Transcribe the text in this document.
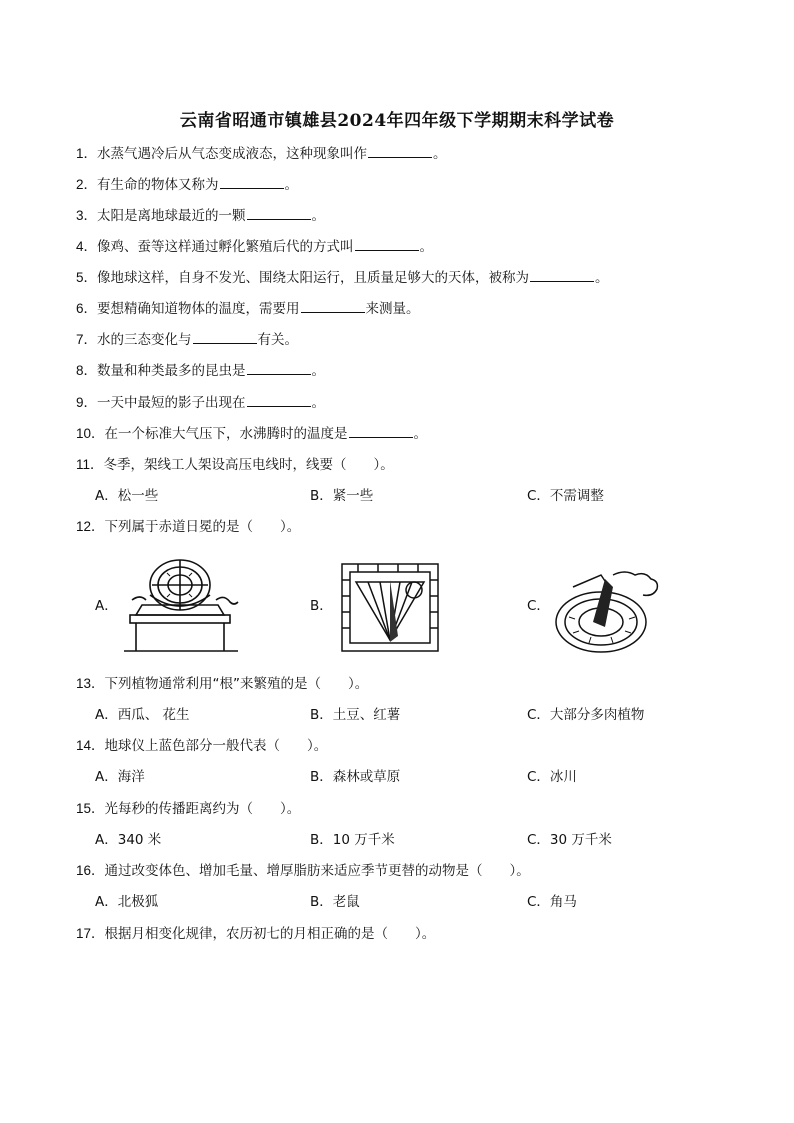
云南省昭通市镇雄县2024年四年级下学期期末科学试卷
1．水蒸气遇冷后从气态变成液态，这种现象叫作	。
2．有生命的物体又称为	。
3．太阳是离地球最近的一颗	。
4．像鸡、蚕等这样通过孵化繁殖后代的方式叫	。
5．像地球这样，自身不发光、围绕太阳运行，且质量足够大的天体，被称为	。
6．要想精确知道物体的温度，需要用	来测量。
7．水的三态变化与	有关。
8．数量和种类最多的昆虫是	。
9．一天中最短的影子出现在	。
10．在一个标准大气压下，水沸腾时的温度是	。
11．冬季，架线工人架设高压电线时，线要（　　）。
A．松一些	B．紧一些	C．不需调整
12．下列属于赤道日冕的是（　　）。
A．	B．	C．
13．下列植物通常利用“根”来繁殖的是（　　）。
A．西瓜、 花生	B．土豆、红薯	C．大部分多肉植物
14．地球仪上蓝色部分一般代表（　　）。
A．海洋	B．森林或草原	C．冰川
15．光每秒的传播距离约为（　　）。
A．340 米	B．10 万千米	C．30 万千米
16．通过改变体色、增加毛量、增厚脂肪来适应季节更替的动物是（　　）。
A．北极狐	B．老鼠	C．角马
17．根据月相变化规律，农历初七的月相正确的是（　　）。
